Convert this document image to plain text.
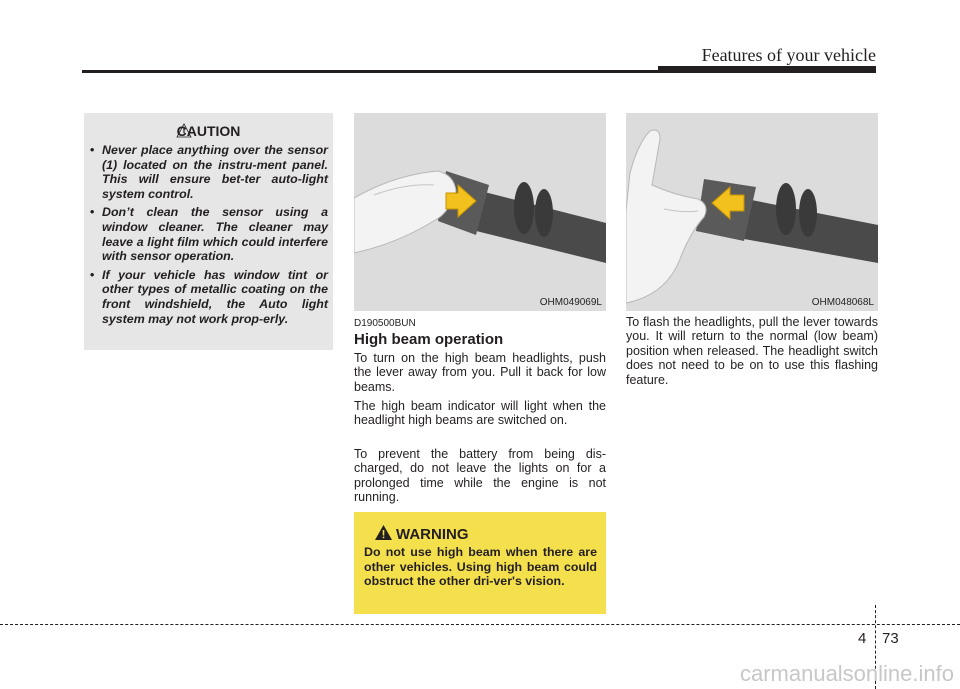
Features of your vehicle
CAUTION
• Never place anything over the sensor (1) located on the instru-ment panel. This will ensure bet-ter auto-light system control.
• Don’t clean the sensor using a window cleaner. The cleaner may leave a light film which could interfere with sensor operation.
• If your vehicle has window tint or other types of metallic coating on the front windshield, the Auto light system may not work prop-erly.
OHM049069L	OHM048068L
D190500BUN
High beam operation

To turn on the high beam headlights, push the lever away from you. Pull it back for low beams.

The high beam indicator will light when the headlight high beams are switched on.

To prevent the battery from being dis-charged, do not leave the lights on for a prolonged time while the engine is not running.

To flash the headlights, pull the lever towards you. It will return to the normal (low beam) position when released. The headlight switch does not need to be on to use this flashing feature.

WARNING

Do not use high beam when there are other vehicles. Using high beam could obstruct the other dri-ver's vision.

4 73
carmanualsonline.info
